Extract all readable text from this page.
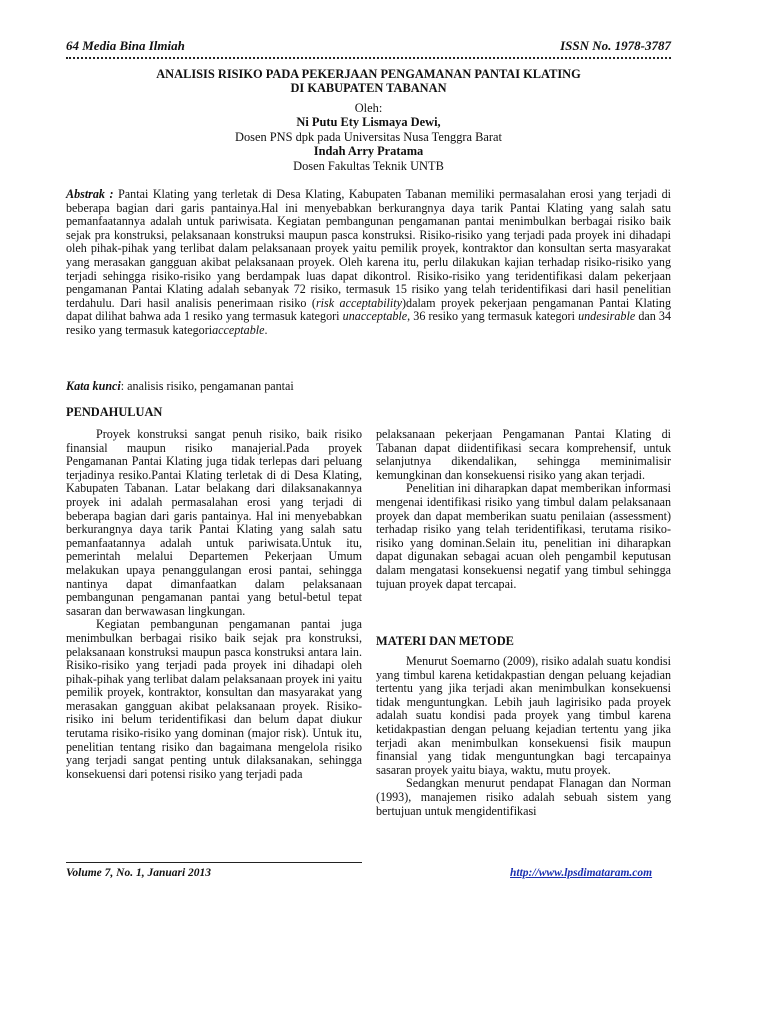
64 Media Bina Ilmiah	ISSN No. 1978-3787
ANALISIS RISIKO PADA PEKERJAAN PENGAMANAN PANTAI KLATING
DI KABUPATEN TABANAN
Oleh:
Ni Putu Ety Lismaya Dewi,
Dosen PNS dpk pada Universitas Nusa Tenggra Barat
Indah Arry Pratama
Dosen Fakultas Teknik UNTB
Abstrak : Pantai Klating yang terletak di Desa Klating, Kabupaten Tabanan memiliki permasalahan erosi yang terjadi di beberapa bagian dari garis pantainya.Hal ini menyebabkan berkurangnya daya tarik Pantai Klating yang salah satu pemanfaatannya adalah untuk pariwisata. Kegiatan pembangunan pengamanan pantai menimbulkan berbagai risiko baik sejak pra konstruksi, pelaksanaan konstruksi maupun pasca konstruksi. Risiko-risiko yang terjadi pada proyek ini dihadapi oleh pihak-pihak yang terlibat dalam pelaksanaan proyek yaitu pemilik proyek, kontraktor dan konsultan serta masyarakat yang merasakan gangguan akibat pelaksanaan proyek. Oleh karena itu, perlu dilakukan kajian terhadap risiko-risiko yang terjadi sehingga risiko-risiko yang berdampak luas dapat dikontrol. Risiko-risiko yang teridentifikasi dalam pekerjaan pengamanan Pantai Klating adalah sebanyak 72 risiko, termasuk 15 risiko yang telah teridentifikasi dari hasil penelitian terdahulu. Dari hasil analisis penerimaan risiko (risk acceptability)dalam proyek pekerjaan pengamanan Pantai Klating dapat dilihat bahwa ada 1 resiko yang termasuk kategori unacceptable, 36 resiko yang termasuk kategori undesirable dan 34 resiko yang termasuk kategoriacceptable.
Kata kunci: analisis risiko, pengamanan pantai
PENDAHULUAN

Proyek konstruksi sangat penuh risiko, baik risiko finansial maupun risiko manajerial.Pada proyek Pengamanan Pantai Klating juga tidak terlepas dari peluang terjadinya resiko.Pantai Klating terletak di di Desa Klating, Kabupaten Tabanan. Latar belakang dari dilaksanakannya proyek ini adalah permasalahan erosi yang terjadi di beberapa bagian dari garis pantainya. Hal ini menyebabkan berkurangnya daya tarik Pantai Klating yang salah satu pemanfaatannya adalah untuk pariwisata.Untuk itu, pemerintah melalui Departemen Pekerjaan Umum melakukan upaya penanggulangan erosi pantai, sehingga nantinya dapat dimanfaatkan dalam pelaksanaan pembangunan pengamanan pantai yang betul-betul tepat sasaran dan berwawasan lingkungan.

Kegiatan pembangunan pengamanan pantai juga menimbulkan berbagai risiko baik sejak pra konstruksi, pelaksanaan konstruksi maupun pasca konstruksi antara lain. Risiko-risiko yang terjadi pada proyek ini dihadapi oleh pihak-pihak yang terlibat dalam pelaksanaan proyek ini yaitu pemilik proyek, kontraktor, konsultan dan masyarakat yang merasakan gangguan akibat pelaksanaan proyek. Risiko-risiko ini belum teridentifikasi dan belum dapat diukur terutama risiko-risiko yang dominan (major risk). Untuk itu, penelitian tentang risiko dan bagaimana mengelola risiko yang terjadi sangat penting untuk dilaksanakan, sehingga konsekuensi dari potensi risiko yang terjadi pada

pelaksanaan pekerjaan Pengamanan Pantai Klating di Tabanan dapat diidentifikasi secara komprehensif, untuk selanjutnya dikendalikan, sehingga meminimalisir kemungkinan dan konsekuensi risiko yang akan terjadi.

Penelitian ini diharapkan dapat memberikan informasi mengenai identifikasi risiko yang timbul dalam pelaksanaan proyek dan dapat memberikan suatu penilaian (assessment) terhadap risiko yang telah teridentifikasi, terutama risiko-risiko yang dominan.Selain itu, penelitian ini diharapkan dapat digunakan sebagai acuan oleh pengambil keputusan dalam mengatasi konsekuensi negatif yang timbul sehingga tujuan proyek dapat tercapai.

MATERI DAN METODE

Menurut Soemarno (2009), risiko adalah suatu kondisi yang timbul karena ketidakpastian dengan peluang kejadian tertentu yang jika terjadi akan menimbulkan konsekuensi tidak menguntungkan. Lebih jauh lagirisiko pada proyek adalah suatu kondisi pada proyek yang timbul karena ketidakpastian dengan peluang kejadian tertentu yang jika terjadi akan menimbulkan konsekuensi fisik maupun finansial yang tidak menguntungkan bagi tercapainya sasaran proyek yaitu biaya, waktu, mutu proyek.

Sedangkan menurut pendapat Flanagan dan Norman (1993), manajemen risiko adalah sebuah sistem yang bertujuan untuk mengidentifikasi

Volume 7, No. 1, Januari 2013	http://www.lpsdimataram.com
